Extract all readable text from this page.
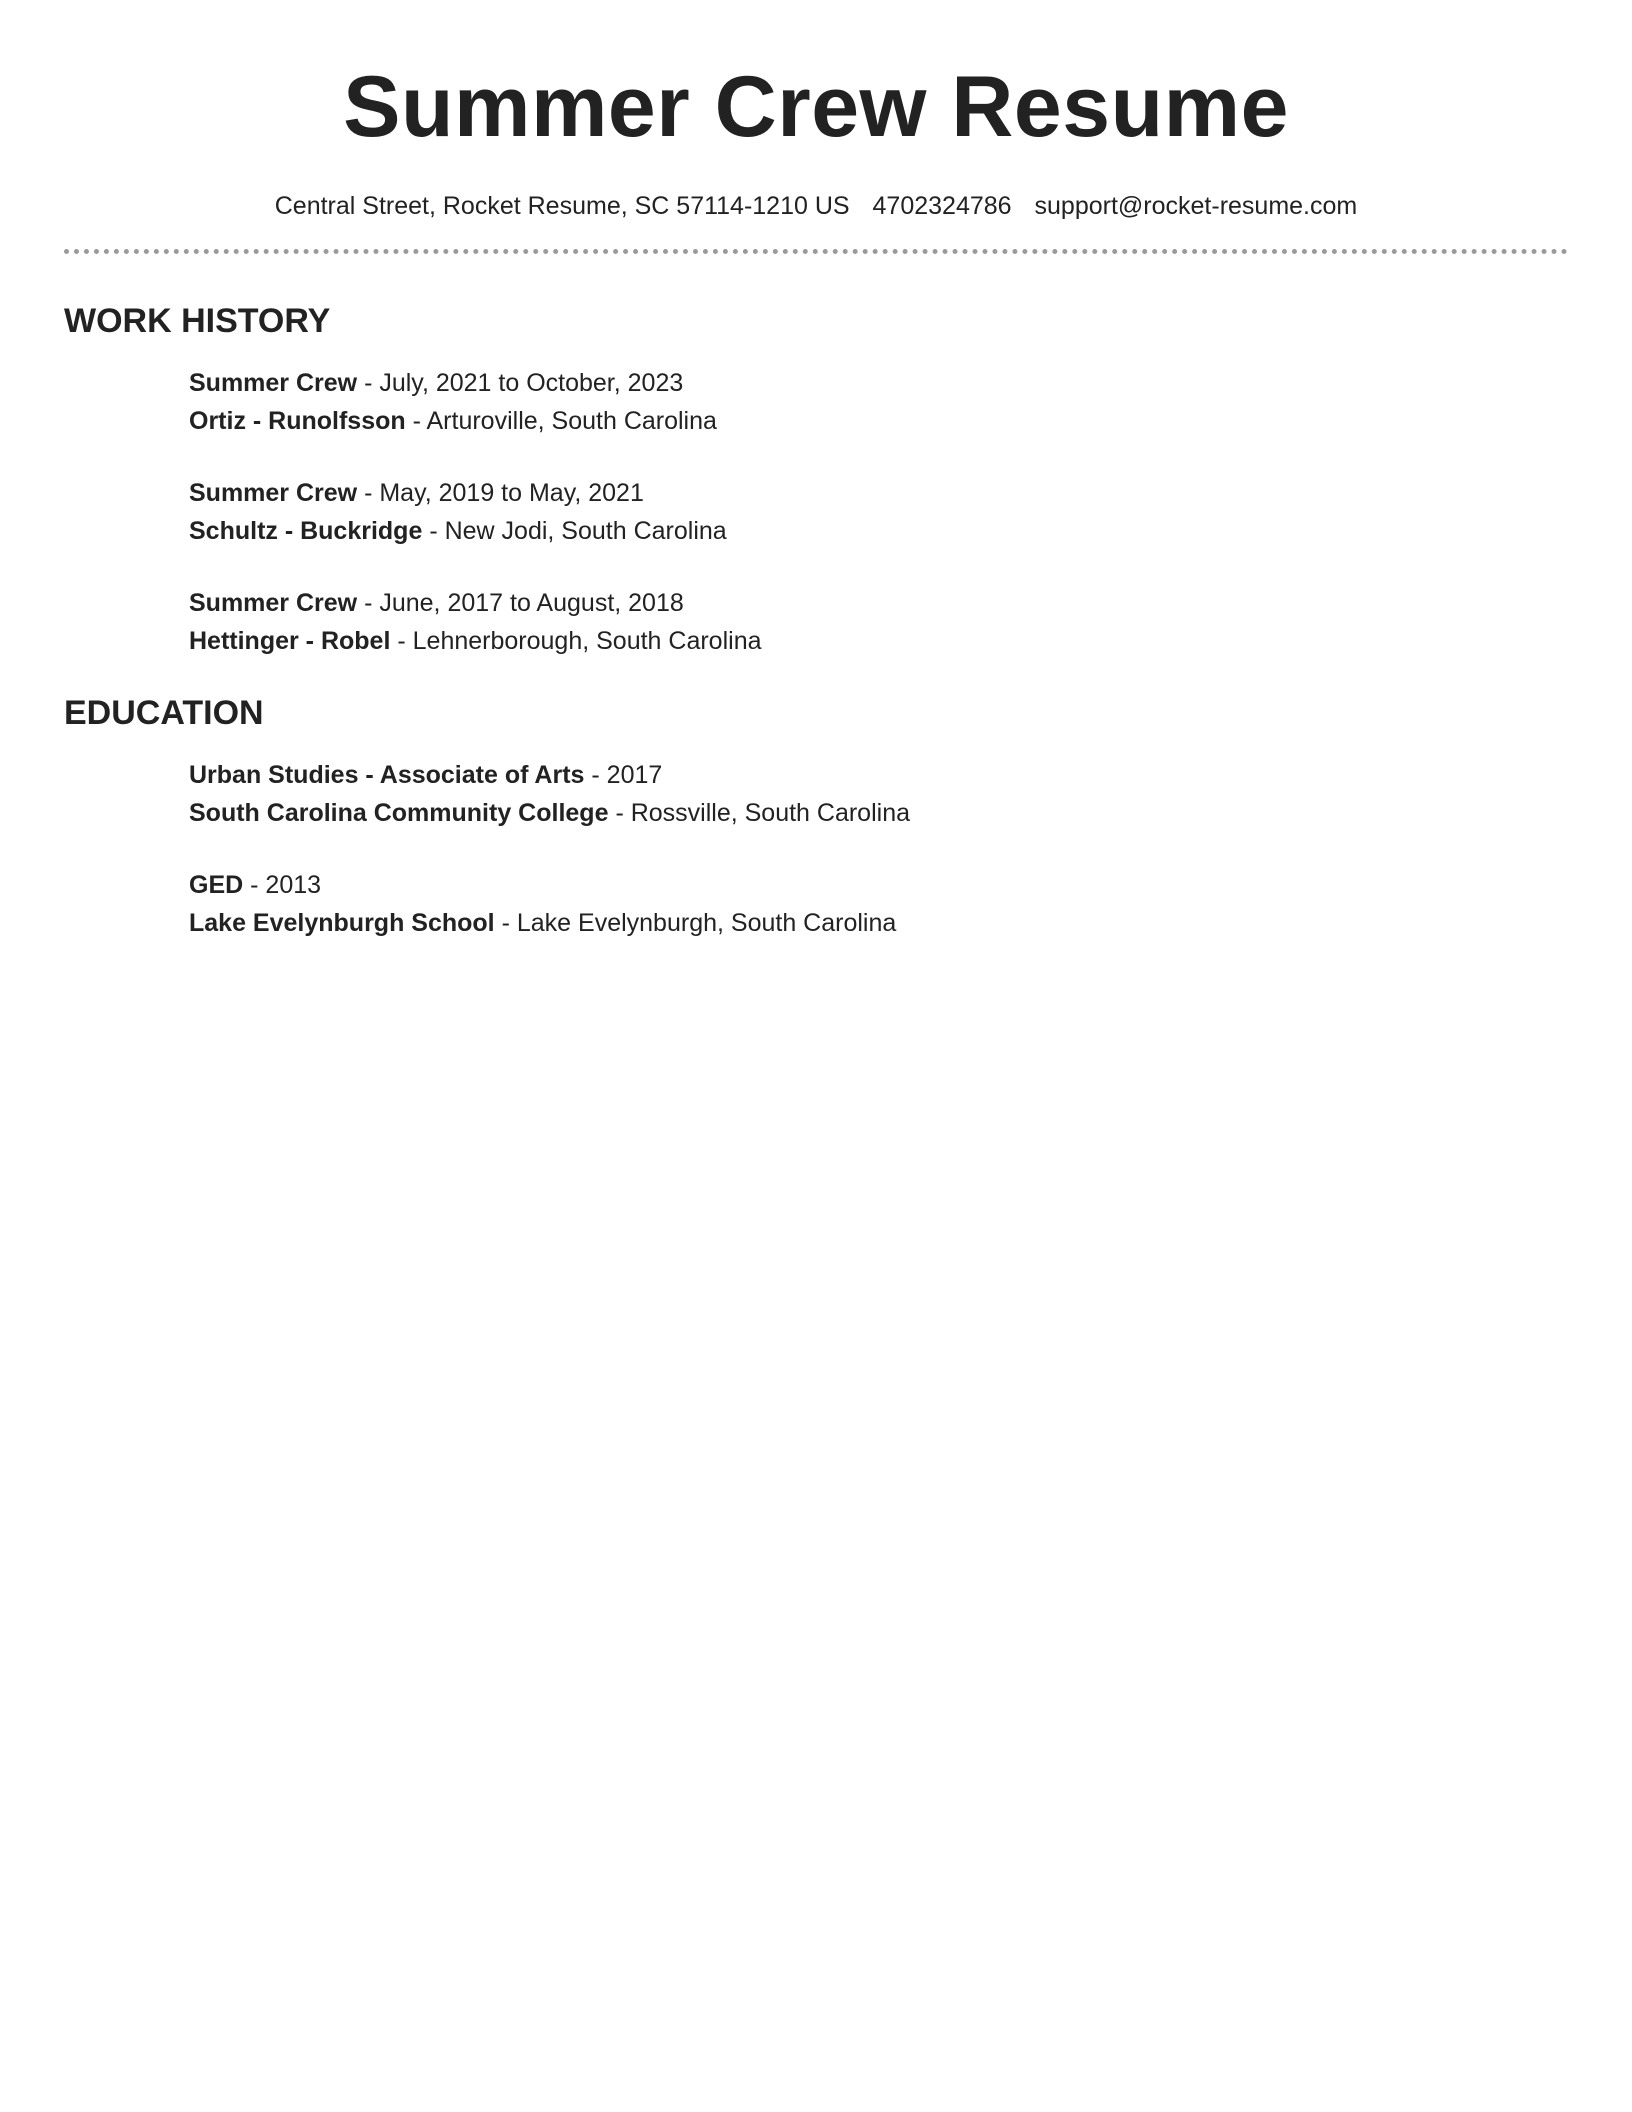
Summer Crew Resume
Central Street, Rocket Resume, SC 57114-1210 US 4702324786 support@rocket-resume.com
WORK HISTORY
Summer Crew - July, 2021 to October, 2023
Ortiz - Runolfsson - Arturoville, South Carolina
Summer Crew - May, 2019 to May, 2021
Schultz - Buckridge - New Jodi, South Carolina
Summer Crew - June, 2017 to August, 2018
Hettinger - Robel - Lehnerborough, South Carolina
EDUCATION
Urban Studies - Associate of Arts - 2017
South Carolina Community College - Rossville, South Carolina
GED - 2013
Lake Evelynburgh School - Lake Evelynburgh, South Carolina
